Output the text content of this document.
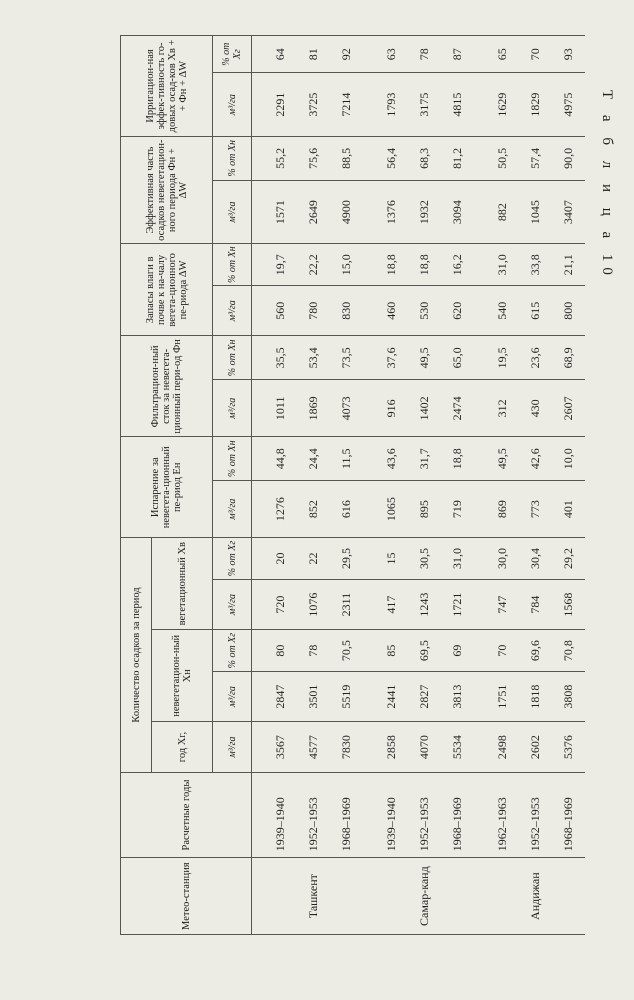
Т а б л и ц а 10
Метео-станция	Расчетные годы	Количество осадков за период					Испарение за невегета-ционный пе-риод Eн		Фильтрацион-ный сток за невегета-ционный пери-од Фн		Запасы влаги в почве к на-чалу вегета-ционного пе-риода ΔW		Эффективная часть осадков невегетацион-ного периода Фн + ΔW		Ирригацион-ная эффек-тивность го-довых осад-ков Xв + + Фн + ΔW	
		год Xг,	невегетацион-ный Xн		вегетационный Xв											
		м³/га	м³/га	% от Xг	м³/га	% от Xг	м³/га	% от Xн	м³/га	% от Xн	м³/га	% от Xн	м³/га	% от Xн	м³/га	% от Xг

Ташкент	1939–1940	3567	2847	80	720	20	1276	44,8	1011	35,5	560	19,7	1571	55,2	2291	64
	1952–1953	4577	3501	78	1076	22	852	24,4	1869	53,4	780	22,2	2649	75,6	3725	81
	1968–1969	7830	5519	70,5	2311	29,5	616	11,5	4073	73,5	830	15,0	4900	88,5	7214	92

Самар-канд	1939–1940	2858	2441	85	417	15	1065	43,6	916	37,6	460	18,8	1376	56,4	1793	63
	1952–1953	4070	2827	69,5	1243	30,5	895	31,7	1402	49,5	530	18,8	1932	68,3	3175	78
	1968–1969	5534	3813	69	1721	31,0	719	18,8	2474	65,0	620	16,2	3094	81,2	4815	87

Андижан	1962–1963	2498	1751	70	747	30,0	869	49,5	312	19,5	540	31,0	882	50,5	1629	65
	1952–1953	2602	1818	69,6	784	30,4	773	42,6	430	23,6	615	33,8	1045	57,4	1829	70
	1968–1969	5376	3808	70,8	1568	29,2	401	10,0	2607	68,9	800	21,1	3407	90,0	4975	93
